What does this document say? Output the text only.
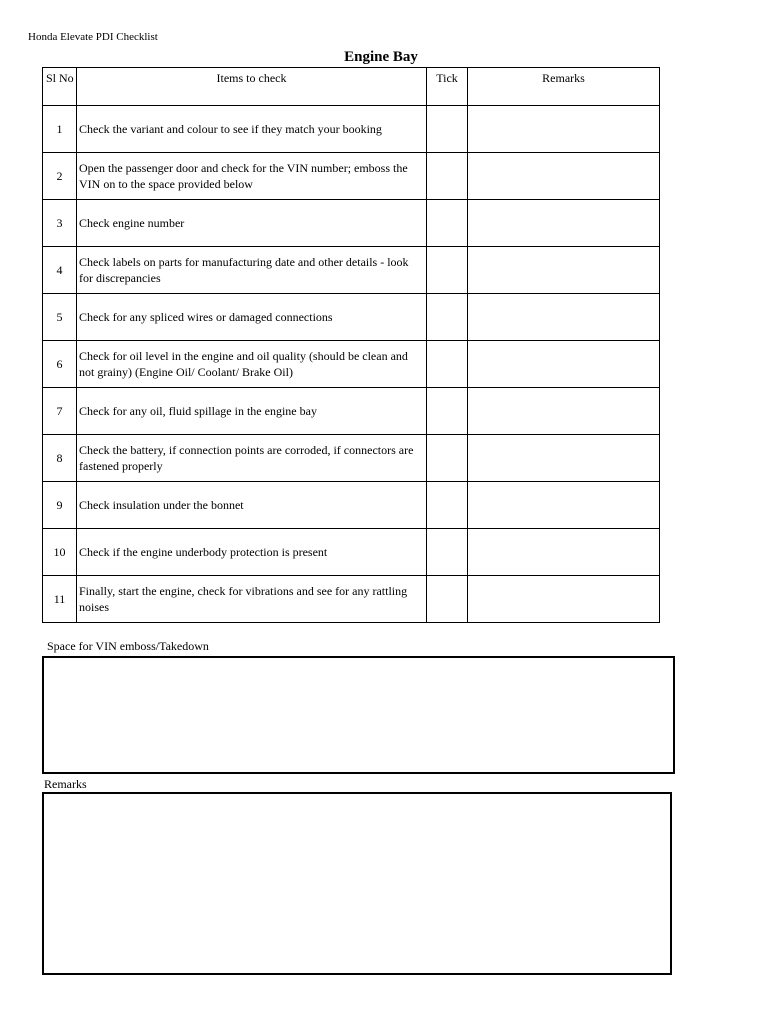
Honda Elevate PDI Checklist
Engine Bay
Sl No	Items to check	Tick	Remarks
1	Check the variant and colour to see if they match your booking		
2	Open the passenger door and check for the VIN number; emboss the VIN on to the space provided below		
3	Check engine number		
4	Check labels on parts for manufacturing date and other details - look for discrepancies		
5	Check for any spliced wires or damaged connections		
6	Check for oil level in the engine and oil quality (should be clean and not grainy) (Engine Oil/ Coolant/ Brake Oil)		
7	Check for any oil, fluid spillage in the engine bay		
8	Check the battery, if connection points are corroded, if connectors are fastened properly		
9	Check insulation under the bonnet		
10	Check if the engine underbody protection is present		
11	Finally, start the engine, check for vibrations and see for any rattling noises		
Space for VIN emboss/Takedown
Remarks
